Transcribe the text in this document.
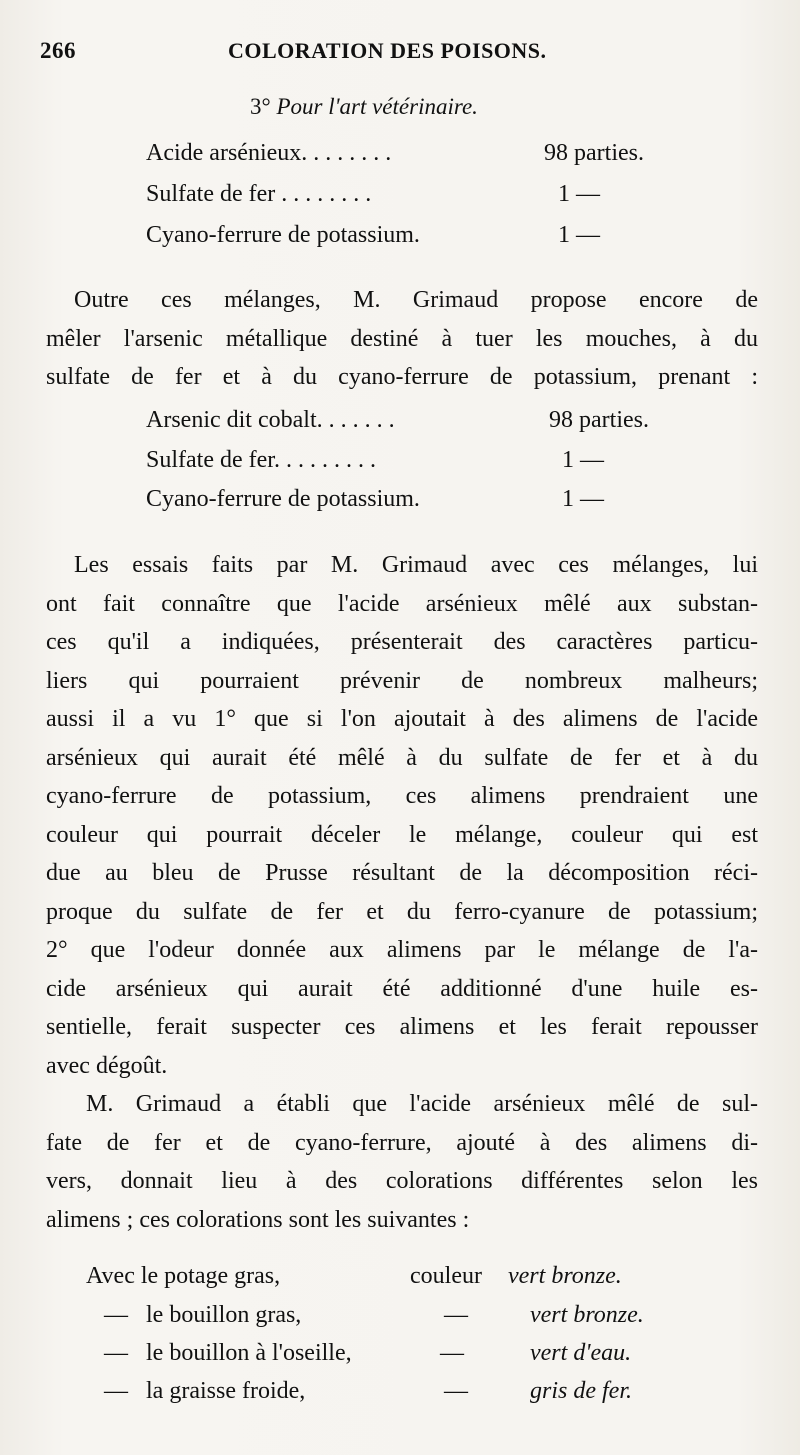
266	COLORATION DES POISONS.
3° Pour l'art vétérinaire.
Acide arsénieux. . . . . . . .	98 parties.
Sulfate de fer . . . . . . . .	1 —
Cyano-ferrure de potassium.	1 —
Outre ces mélanges, M. Grimaud propose encore de
mêler l'arsenic métallique destiné à tuer les mouches, à du
sulfate de fer et à du cyano-ferrure de potassium, prenant :
Arsenic dit cobalt. . . . . . .	98 parties.
Sulfate de fer. . . . . . . . .	1 —
Cyano-ferrure de potassium.	1 —
Les essais faits par M. Grimaud avec ces mélanges, lui
ont fait connaître que l'acide arsénieux mêlé aux substan-
ces qu'il a indiquées, présenterait des caractères particu-
liers qui pourraient prévenir de nombreux malheurs;
aussi il a vu 1° que si l'on ajoutait à des alimens de l'acide
arsénieux qui aurait été mêlé à du sulfate de fer et à du
cyano-ferrure de potassium, ces alimens prendraient une
couleur qui pourrait déceler le mélange, couleur qui est
due au bleu de Prusse résultant de la décomposition réci-
proque du sulfate de fer et du ferro-cyanure de potassium;
2° que l'odeur donnée aux alimens par le mélange de l'a-
cide arsénieux qui aurait été additionné d'une huile es-
sentielle, ferait suspecter ces alimens et les ferait repousser
avec dégoût.
M. Grimaud a établi que l'acide arsénieux mêlé de sul-
fate de fer et de cyano-ferrure, ajouté à des alimens di-
vers, donnait lieu à des colorations différentes selon les
alimens ; ces colorations sont les suivantes :
Avec le potage gras,	couleur vert bronze.
—   le bouillon gras,	—	vert bronze.
—   le bouillon à l'oseille,	—	vert d'eau.
—   la graisse froide,	—	gris de fer.
